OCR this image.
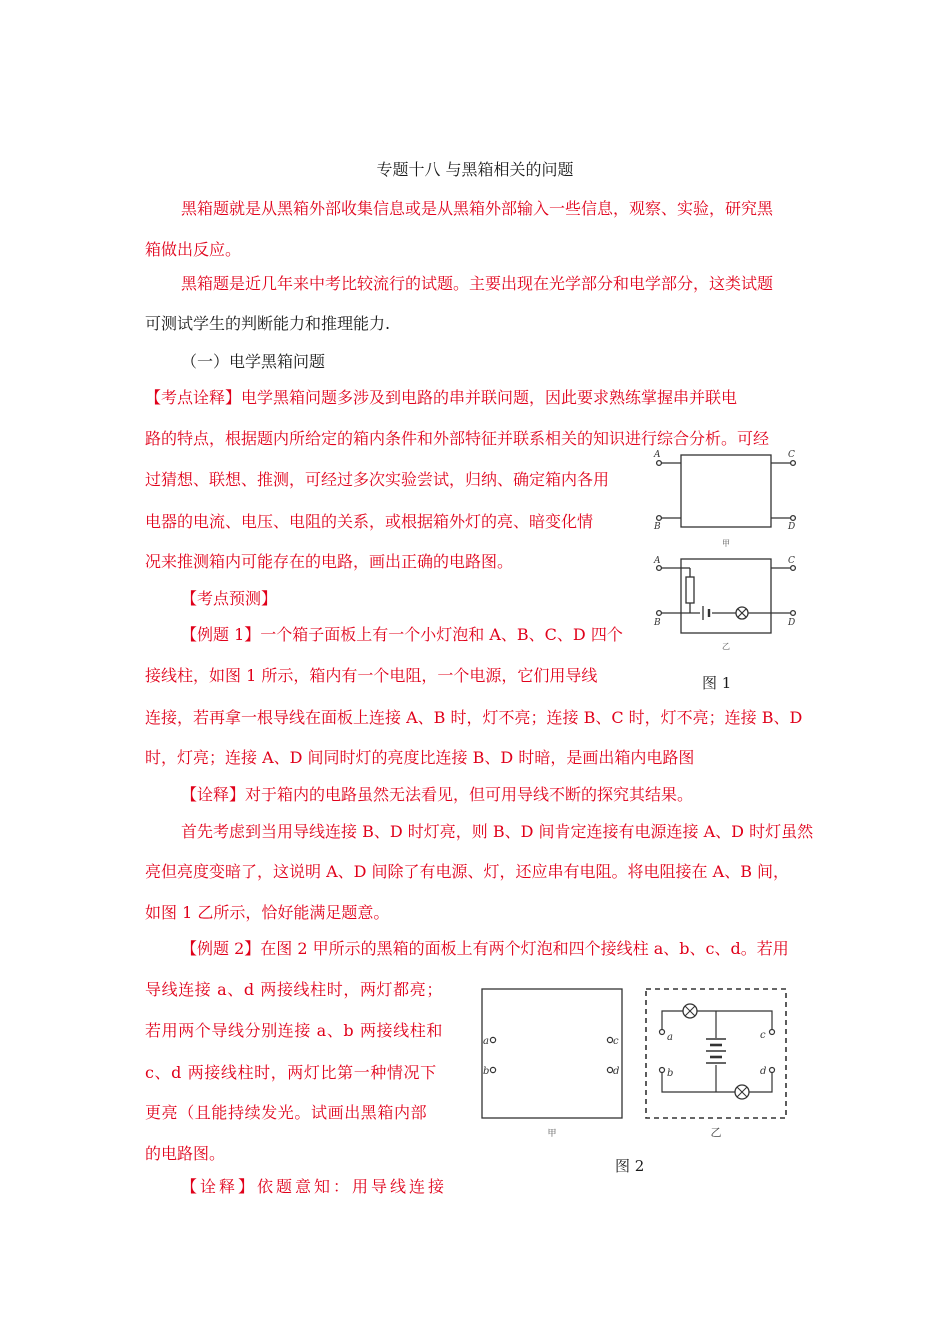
专题十八 与黑箱相关的问题
黑箱题就是从黑箱外部收集信息或是从黑箱外部输入一些信息，观察、实验，研究黑
箱做出反应。
黑箱题是近几年来中考比较流行的试题。主要出现在光学部分和电学部分，这类试题
可测试学生的判断能力和推理能力.
（一）电学黑箱问题
【考点诠释】电学黑箱问题多涉及到电路的串并联问题，因此要求熟练掌握串并联电
路的特点，根据题内所给定的箱内条件和外部特征并联系相关的知识进行综合分析。可经
过猜想、联想、推测，可经过多次实验尝试，归纳、确定箱内各用
电器的电流、电压、电阻的关系，或根据箱外灯的亮、暗变化情
况来推测箱内可能存在的电路，画出正确的电路图。
【考点预测】
【例题 1】一个箱子面板上有一个小灯泡和 A、B、C、D 四个
接线柱，如图 1 所示，箱内有一个电阻，一个电源，它们用导线
连接，若再拿一根导线在面板上连接 A、B 时，灯不亮；连接 B、C 时，灯不亮；连接 B、D
时，灯亮；连接 A、D 间同时灯的亮度比连接 B、D 时暗，是画出箱内电路图
【诠释】对于箱内的电路虽然无法看见，但可用导线不断的探究其结果。
首先考虑到当用导线连接 B、D 时灯亮，则 B、D 间肯定连接有电源连接 A、D 时灯虽然
亮但亮度变暗了，这说明 A、D 间除了有电源、灯，还应串有电阻。将电阻接在 A、B 间，
如图 1 乙所示，恰好能满足题意。
【例题 2】在图 2 甲所示的黑箱的面板上有两个灯泡和四个接线柱 a、b、c、d。若用
导线连接 a、d 两接线柱时，两灯都亮；
若用两个导线分别连接 a、b 两接线柱和
c、d 两接线柱时，两灯比第一种情况下
更亮（且能持续发光。试画出黑箱内部
的电路图。
【诠释】依题意知：用导线连接
A	C
B	D
A	C
B	D
甲
乙
图 1
a
b
c
d
a
b
c
d
甲	乙
图 2
